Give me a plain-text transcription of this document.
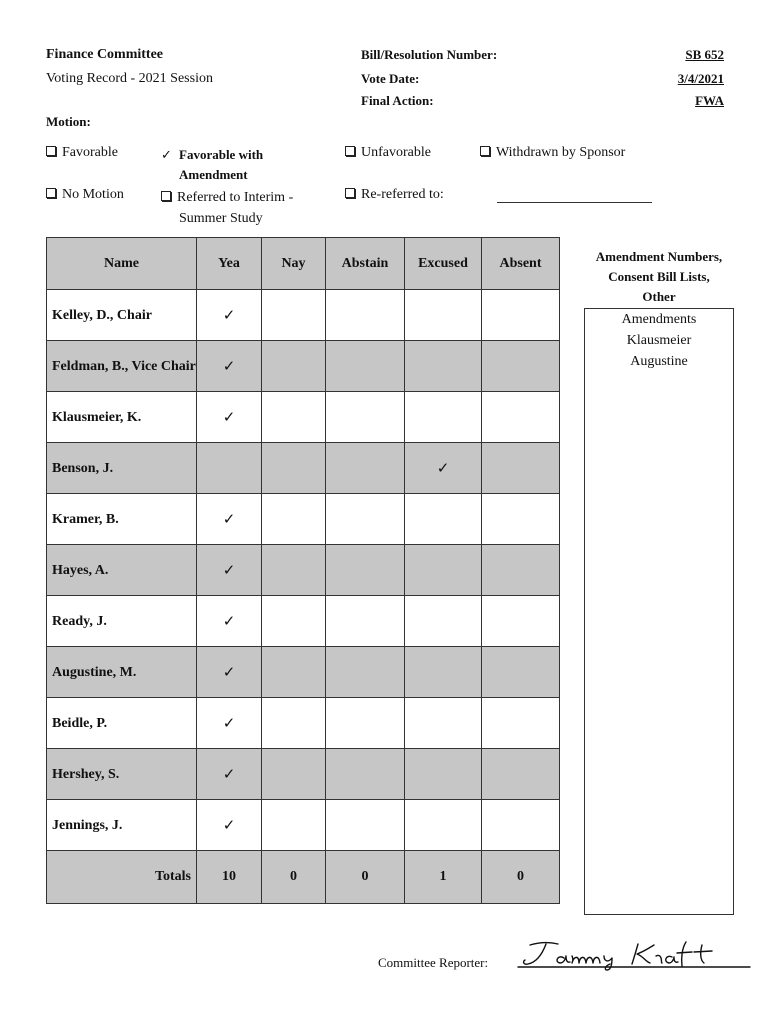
Finance Committee
Voting Record - 2021 Session
Bill/Resolution Number:	SB 652
Vote Date:	3/4/2021
Final Action:	FWA
Motion:
Favorable	✓ Favorable with
Amendment
Unfavorable	Withdrawn by Sponsor
No Motion	Referred to Interim -
Summer Study
Re-referred to:
Name	Yea	Nay	Abstain	Excused	Absent
Kelley, D., Chair	✓				
Feldman, B., Vice Chair	✓				
Klausmeier, K.	✓				
Benson, J.				✓	
Kramer, B.	✓				
Hayes, A.	✓				
Ready, J.	✓				
Augustine, M.	✓				
Beidle, P.	✓				
Hershey, S.	✓				
Jennings, J.	✓				
Totals	10	0	0	1	0
Amendment Numbers,
Consent Bill Lists,
Other
Amendments
Klausmeier
Augustine
Committee Reporter:
Tammy Kraft
